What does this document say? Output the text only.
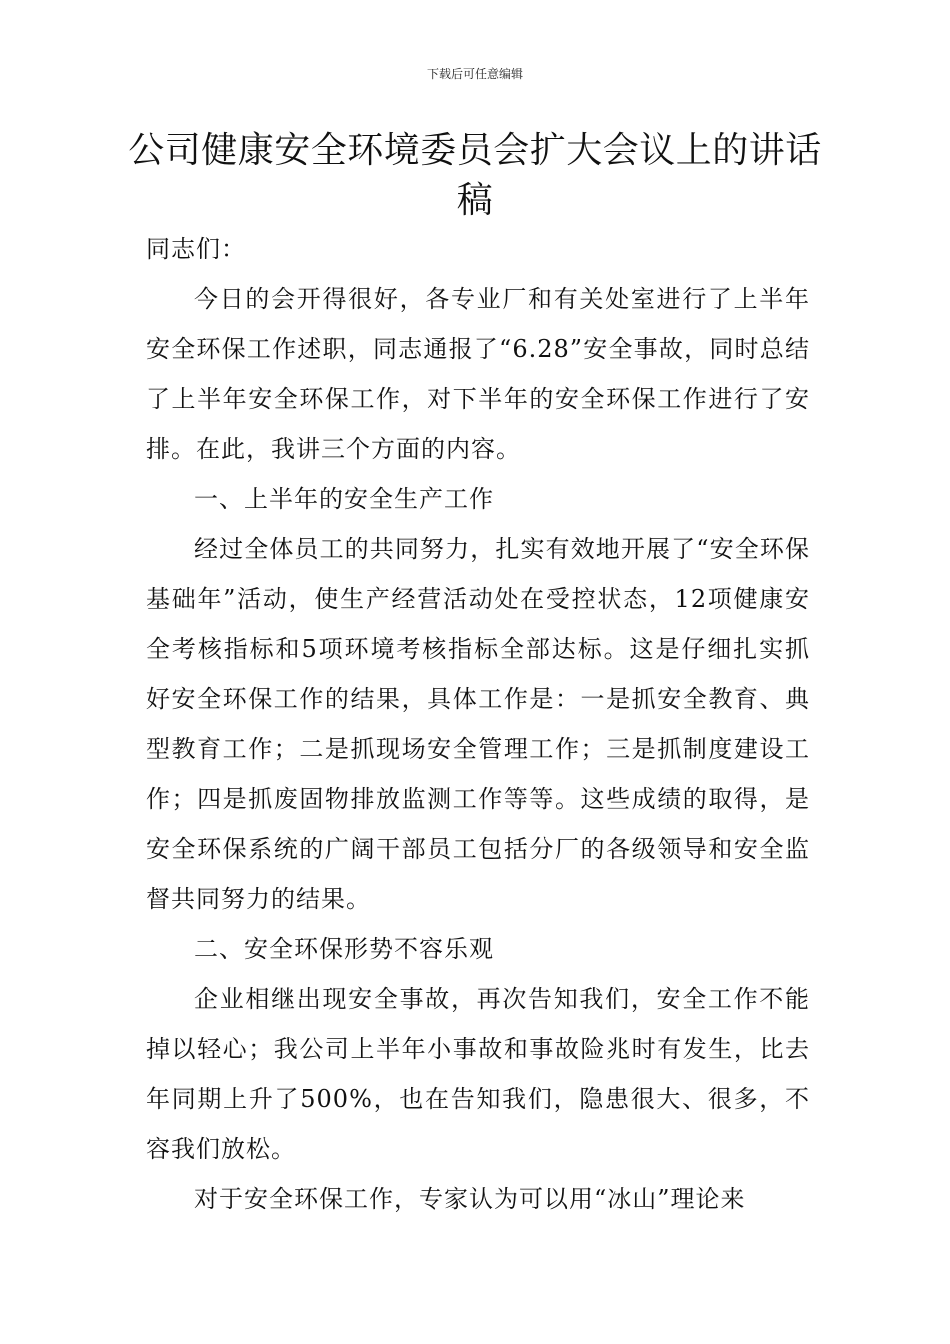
下载后可任意编辑
公司健康安全环境委员会扩大会议上的讲话稿

同志们：

今日的会开得很好，各专业厂和有关处室进行了上半年安全环保工作述职，同志通报了“6.28”安全事故，同时总结了上半年安全环保工作，对下半年的安全环保工作进行了安排。在此，我讲三个方面的内容。

一、上半年的安全生产工作

经过全体员工的共同努力，扎实有效地开展了“安全环保基础年”活动，使生产经营活动处在受控状态，12项健康安全考核指标和5项环境考核指标全部达标。这是仔细扎实抓好安全环保工作的结果，具体工作是：一是抓安全教育、典型教育工作；二是抓现场安全管理工作；三是抓制度建设工作；四是抓废固物排放监测工作等等。这些成绩的取得，是安全环保系统的广阔干部员工包括分厂的各级领导和安全监督共同努力的结果。

二、安全环保形势不容乐观

企业相继出现安全事故，再次告知我们，安全工作不能掉以轻心；我公司上半年小事故和事故险兆时有发生，比去年同期上升了500%，也在告知我们，隐患很大、很多，不容我们放松。

对于安全环保工作，专家认为可以用“冰山”理论来
